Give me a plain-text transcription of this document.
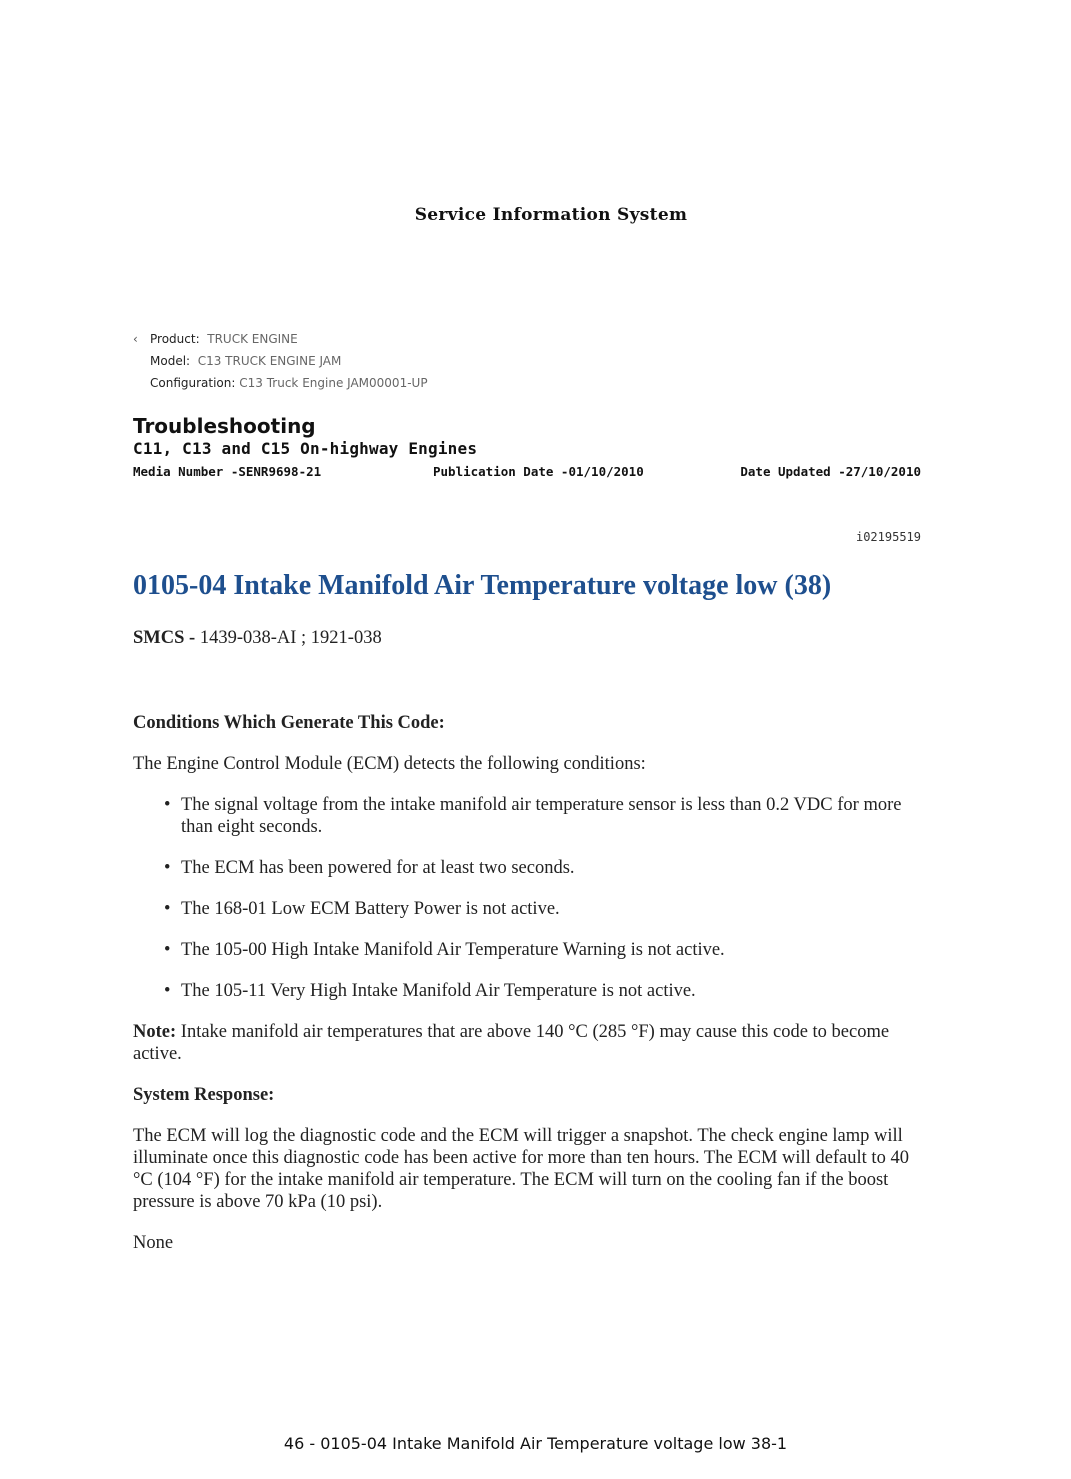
Service Information System
‹ Product: TRUCK ENGINE
Model: C13 TRUCK ENGINE JAM
Configuration: C13 Truck Engine JAM00001-UP
Troubleshooting
C11, C13 and C15 On-highway Engines
Media Number -SENR9698-21	Publication Date -01/10/2010	Date Updated -27/10/2010
i02195519
0105-04 Intake Manifold Air Temperature voltage low (38)
SMCS - 1439-038-AI ; 1921-038
Conditions Which Generate This Code:
The Engine Control Module (ECM) detects the following conditions:
• The signal voltage from the intake manifold air temperature sensor is less than 0.2 VDC for more than eight seconds.
• The ECM has been powered for at least two seconds.
• The 168-01 Low ECM Battery Power is not active.
• The 105-00 High Intake Manifold Air Temperature Warning is not active.
• The 105-11 Very High Intake Manifold Air Temperature is not active.
Note: Intake manifold air temperatures that are above 140 °C (285 °F) may cause this code to become active.
System Response:
The ECM will log the diagnostic code and the ECM will trigger a snapshot. The check engine lamp will illuminate once this diagnostic code has been active for more than ten hours. The ECM will default to 40 °C (104 °F) for the intake manifold air temperature. The ECM will turn on the cooling fan if the boost pressure is above 70 kPa (10 psi).
None
46 - 0105-04 Intake Manifold Air Temperature voltage low 38-1
